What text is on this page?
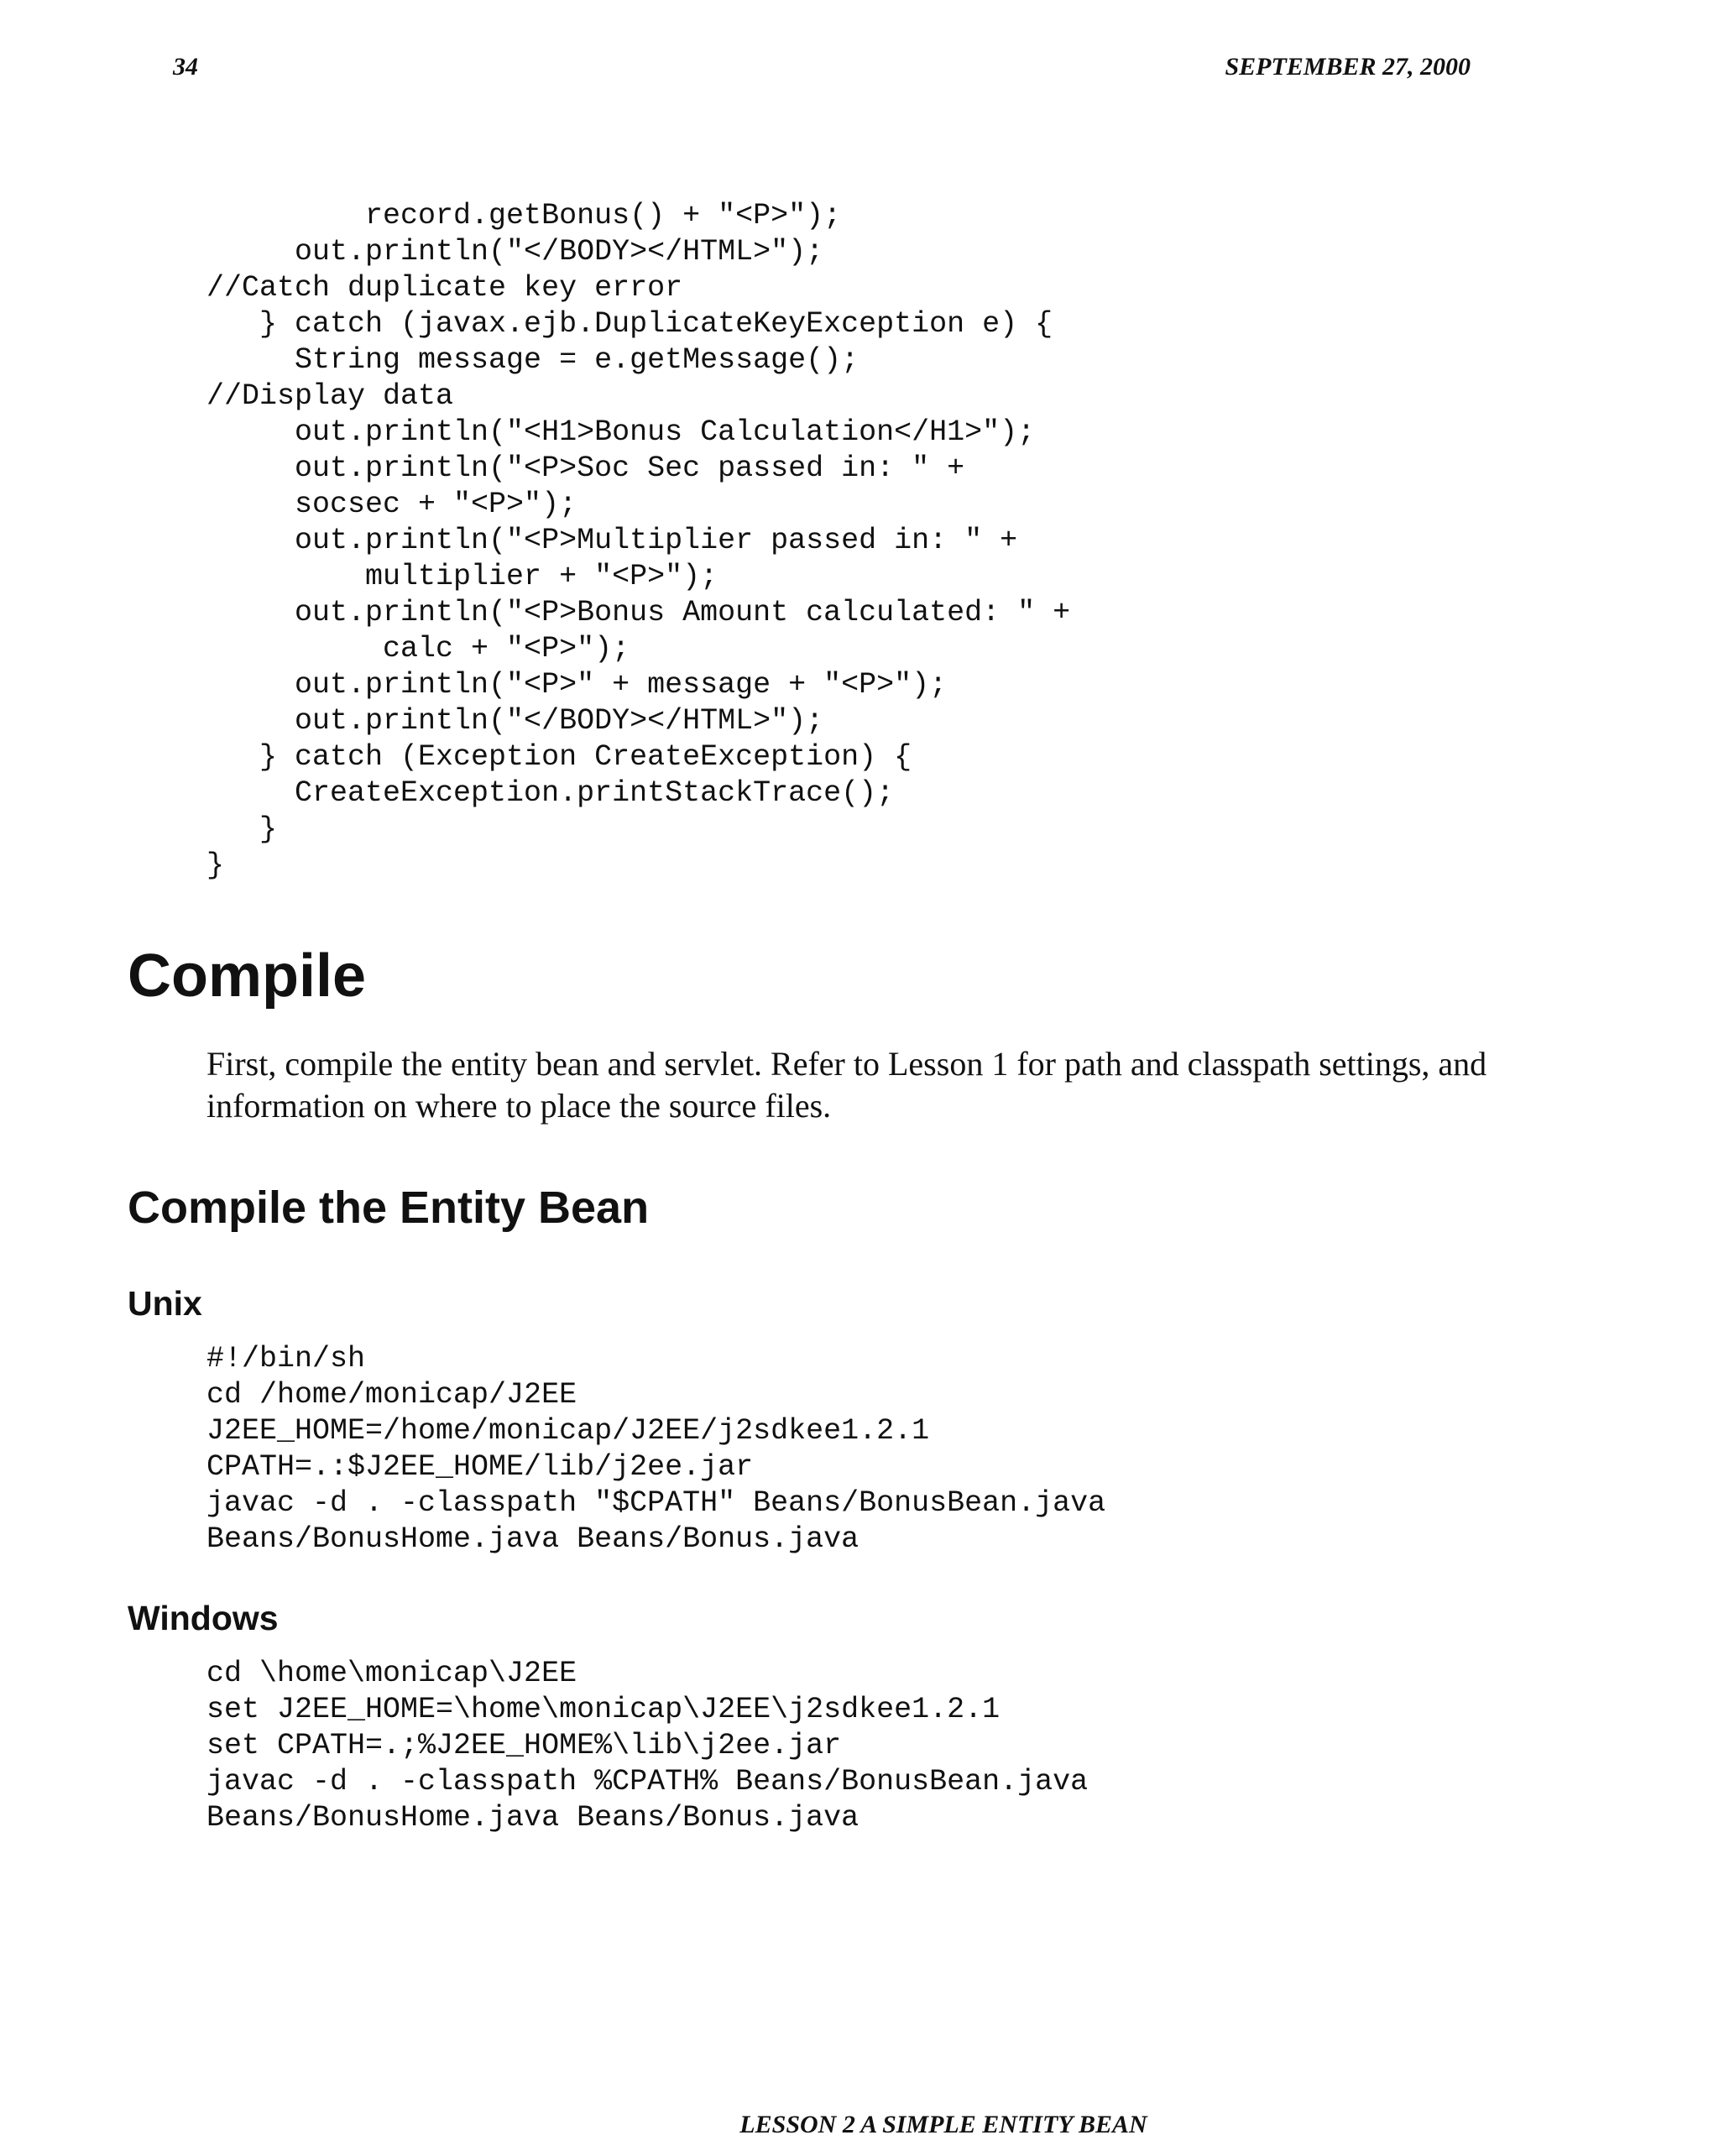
34	SEPTEMBER 27, 2000
record.getBonus() + "<P>");
out.println("</BODY></HTML>");
//Catch duplicate key error
} catch (javax.ejb.DuplicateKeyException e) {
String message = e.getMessage();
//Display data
out.println("<H1>Bonus Calculation</H1>");
out.println("<P>Soc Sec passed in: " +
socsec + "<P>");
out.println("<P>Multiplier passed in: " +
multiplier + "<P>");
out.println("<P>Bonus Amount calculated: " +
calc + "<P>");
out.println("<P>" + message + "<P>");
out.println("</BODY></HTML>");
} catch (Exception CreateException) {
CreateException.printStackTrace();
}
}
Compile

First, compile the entity bean and servlet. Refer to Lesson 1 for path and classpath settings, and information on where to place the source files.

Compile the Entity Bean
Unix
#!/bin/sh
cd /home/monicap/J2EE
J2EE_HOME=/home/monicap/J2EE/j2sdkee1.2.1
CPATH=.:$J2EE_HOME/lib/j2ee.jar
javac -d . -classpath "$CPATH" Beans/BonusBean.java
Beans/BonusHome.java Beans/Bonus.java
Windows
cd \home\monicap\J2EE
set J2EE_HOME=\home\monicap\J2EE\j2sdkee1.2.1
set CPATH=.;%J2EE_HOME%\lib\j2ee.jar
javac -d . -classpath %CPATH% Beans/BonusBean.java
Beans/BonusHome.java Beans/Bonus.java
LESSON 2 A SIMPLE ENTITY BEAN
